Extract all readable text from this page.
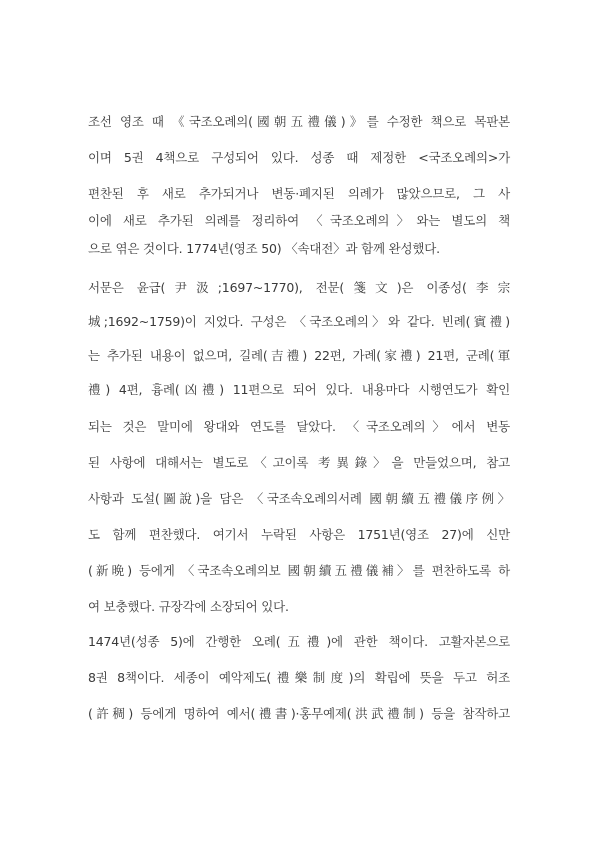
조선 영조 때 《국조오례의(國朝五禮儀)》를 수정한 책으로 목판본
이며 5권 4책으로 구성되어 있다. 성종 때 제정한 <국조오례의>가
편찬된 후 새로 추가되거나 변동·폐지된 의례가 많았으므로, 그 사
이에 새로 추가된 의례를 정리하여 〈국조오례의〉와는 별도의 책
으로 엮은 것이다. 1774년(영조 50) 〈속대전〉과 함께 완성했다.
서문은 윤급(尹汲;1697~1770), 전문(箋文)은 이종성(李宗
城;1692~1759)이 지었다. 구성은 〈국조오례의〉와 같다. 빈례(賓禮)
는 추가된 내용이 없으며, 길례(吉禮) 22편, 가례(家禮) 21편, 군례(軍
禮) 4편, 흉례(凶禮) 11편으로 되어 있다. 내용마다 시행연도가 확인
되는 것은 말미에 왕대와 연도를 달았다. 〈국조오례의〉에서 변동
된 사항에 대해서는 별도로〈고이록 考異錄〉을 만들었으며, 참고
사항과 도설(圖說)을 담은 〈국조속오례의서례 國朝續五禮儀序例〉
도 함께 편찬했다. 여기서 누락된 사항은 1751년(영조 27)에 신만
(新晩) 등에게 〈국조속오례의보 國朝續五禮儀補〉를 편찬하도록 하
여 보충했다. 규장각에 소장되어 있다.
1474년(성종 5)에 간행한 오례(五禮)에 관한 책이다. 고활자본으로
8권 8책이다. 세종이 예악제도(禮樂制度)의 확립에 뜻을 두고 허조
(許稠) 등에게 명하여 예서(禮書)·홍무예제(洪武禮制) 등을 참작하고
